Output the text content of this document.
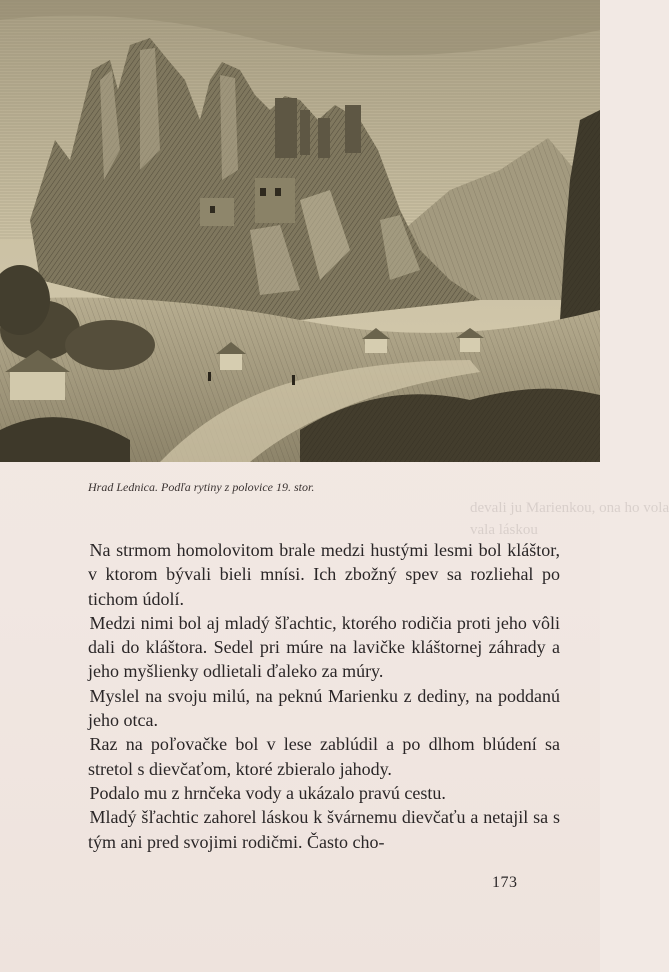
Hrad Lednica. Podľa rytiny z polovice 19. stor.
devali ju Marienkou, ona ho vola
vala láskou

Na strmom homolovitom brale medzi hustými lesmi bol kláštor, v ktorom bývali bieli mnísi. Ich zbožný spev sa rozliehal po tichom údolí.

Medzi nimi bol aj mladý šľachtic, ktorého rodičia proti jeho vôli dali do kláštora. Sedel pri múre na lavičke kláštornej záhrady a jeho myšlienky odlietali ďaleko za múry.

Myslel na svoju milú, na peknú Marienku z dediny, na poddanú jeho otca.

Raz na poľovačke bol v lese zablúdil a po dlhom blúdení sa stretol s dievčaťom, ktoré zbieralo jahody.

Podalo mu z hrnčeka vody a ukázalo pravú cestu.

Mladý šľachtic zahorel láskou k švárnemu dievčaťu a netajil sa s tým ani pred svojimi rodičmi. Často cho-

173
